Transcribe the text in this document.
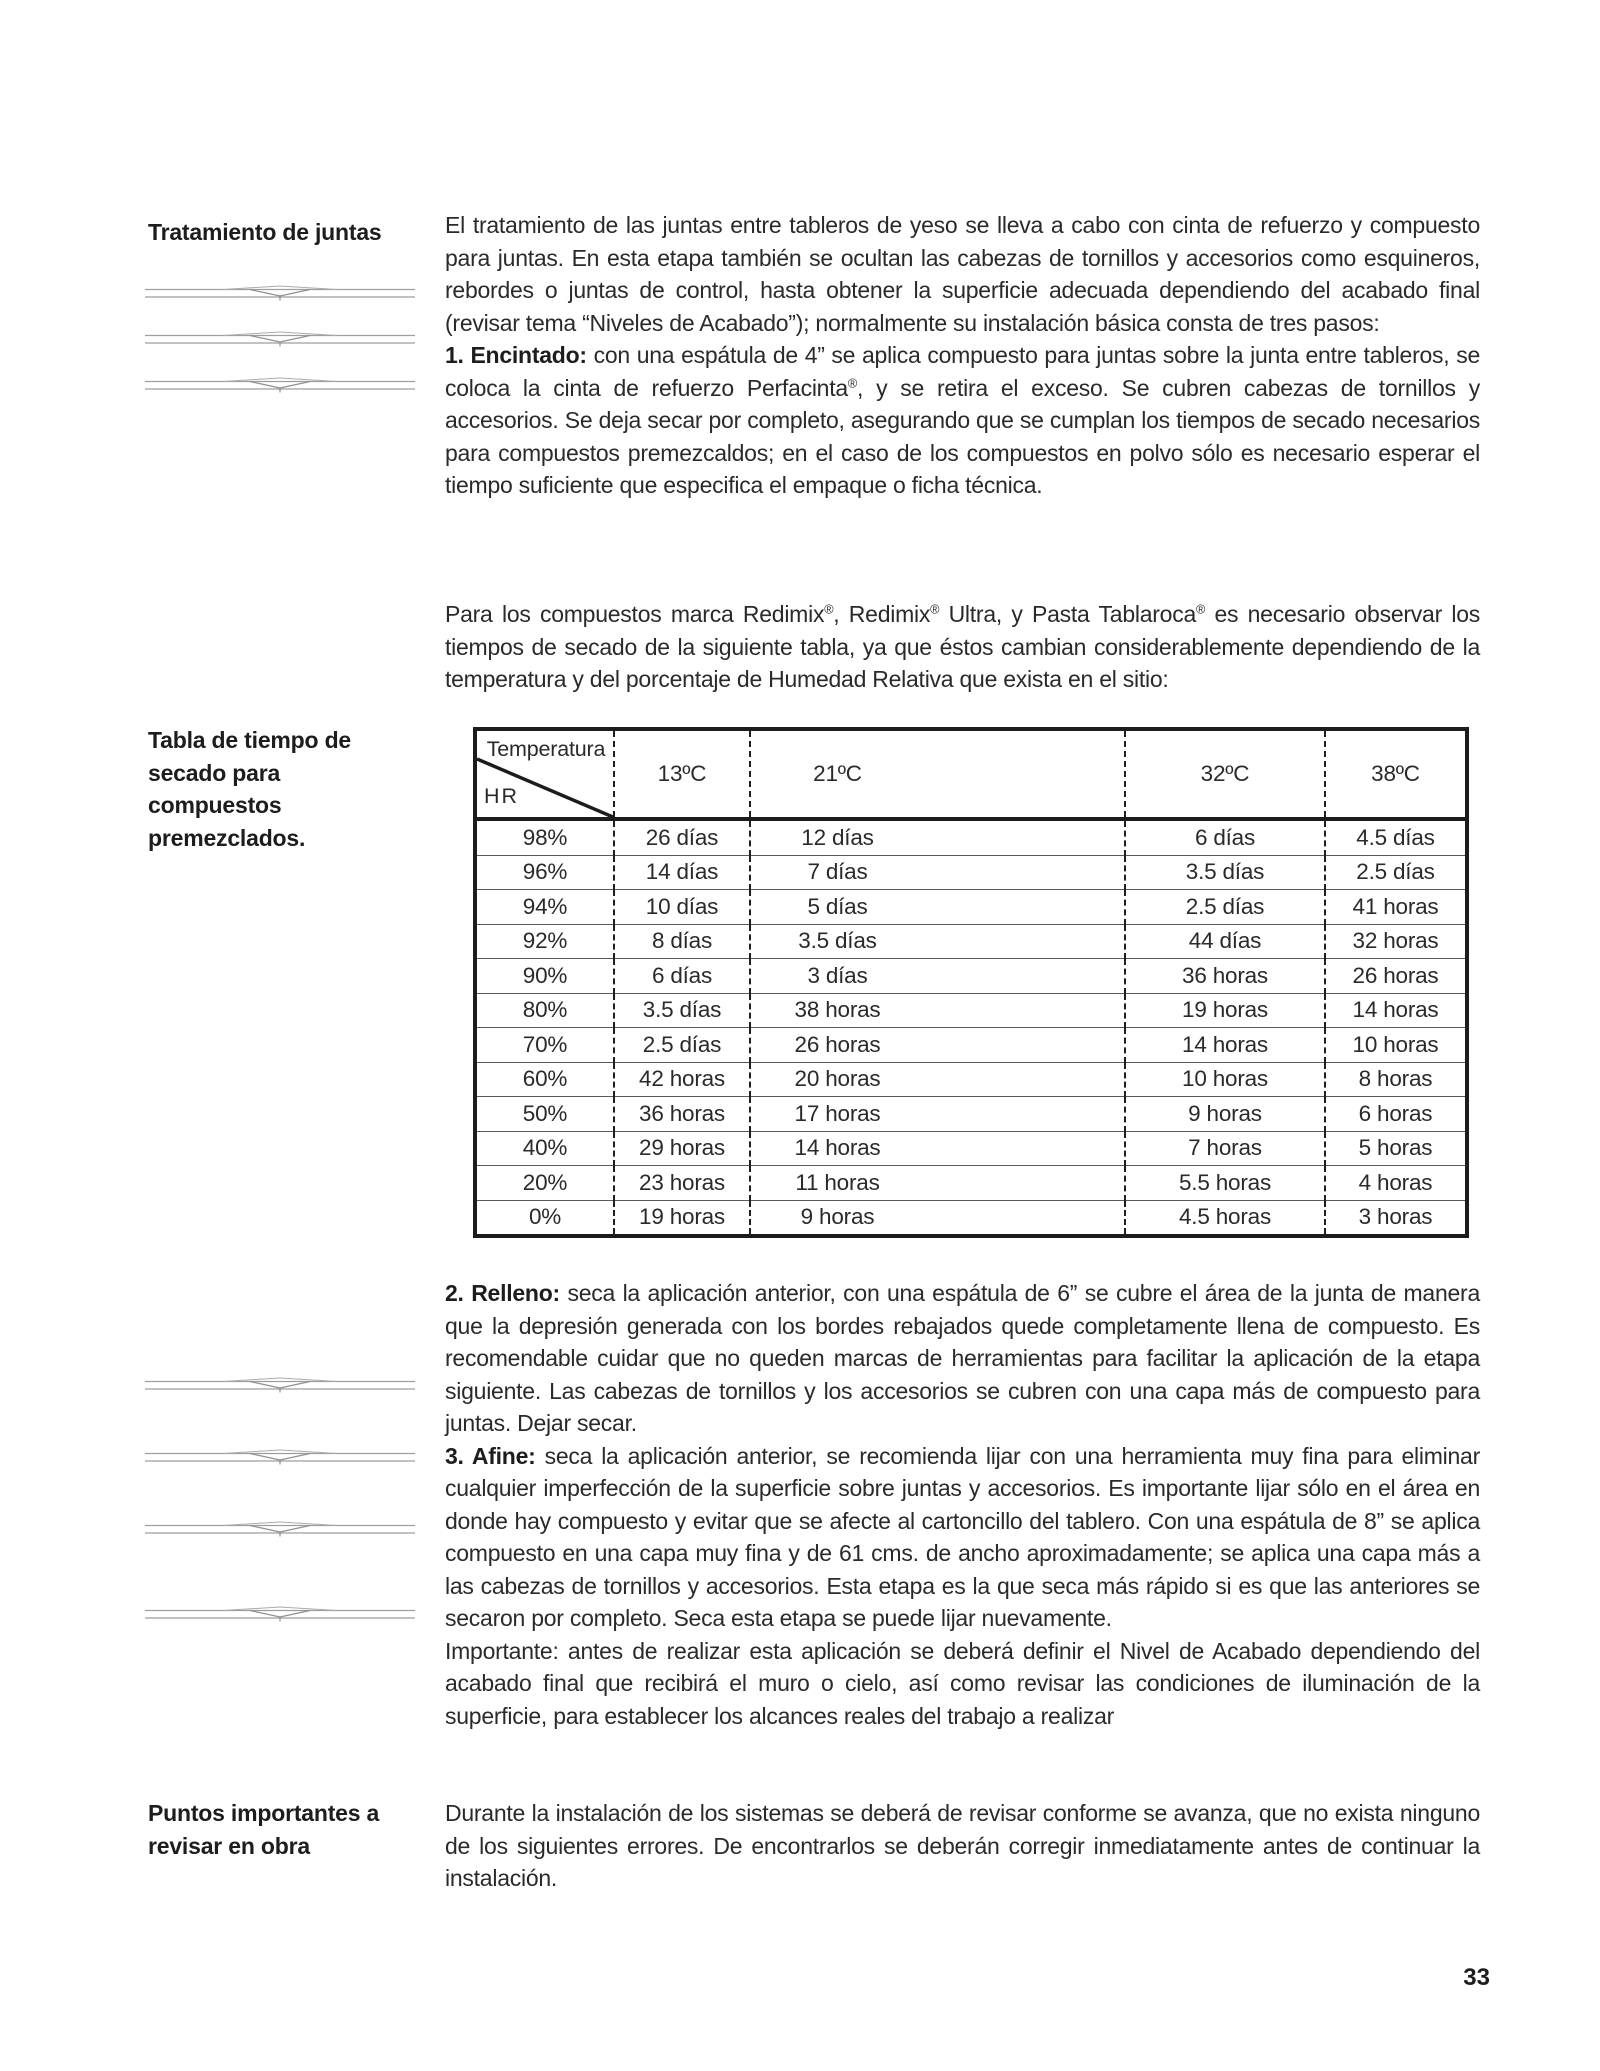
Tratamiento de juntas
Tabla de tiempo de secado para compuestos premezclados.
Puntos importantes a revisar en obra

El tratamiento de las juntas entre tableros de yeso se lleva a cabo con cinta de refuerzo y compuesto para juntas. En esta etapa también se ocultan las cabezas de tornillos y accesorios como esquineros, rebordes o juntas de control, hasta obtener la superficie adecuada dependiendo del acabado final (revisar tema “Niveles de Acabado”); normalmente su instalación básica consta de tres pasos:

1. Encintado: con una espátula de 4” se aplica compuesto para juntas sobre la junta entre tableros, se coloca la cinta de refuerzo Perfacinta®, y se retira el exceso. Se cubren cabezas de tornillos y accesorios. Se deja secar por completo, asegurando que se cumplan los tiempos de secado necesarios para compuestos premezcaldos; en el caso de los compuestos en polvo sólo es necesario esperar el tiempo suficiente que especifica el empaque o ficha técnica.

Para los compuestos marca Redimix®, Redimix® Ultra, y Pasta Tablaroca® es necesario observar los tiempos de secado de la siguiente tabla, ya que éstos cambian considerablemente dependiendo de la temperatura y del porcentaje de Humedad Relativa que exista en el sitio:

Temperatura
HR	13ºC	21ºC	32ºC	38ºC
98%	26 días	12 días	6 días	4.5 días
96%	14 días	7 días	3.5 días	2.5 días
94%	10 días	5 días	2.5 días	41 horas
92%	8 días	3.5 días	44 días	32 horas
90%	6 días	3 días	36 horas	26 horas
80%	3.5 días	38 horas	19 horas	14 horas
70%	2.5 días	26 horas	14 horas	10 horas
60%	42 horas	20 horas	10 horas	8 horas
50%	36 horas	17 horas	9 horas	6 horas
40%	29 horas	14 horas	7 horas	5 horas
20%	23 horas	11 horas	5.5 horas	4 horas
0%	19 horas	9 horas	4.5 horas	3 horas

2. Relleno: seca la aplicación anterior, con una espátula de 6” se cubre el área de la junta de manera que la depresión generada con los bordes rebajados quede completamente llena de compuesto. Es recomendable cuidar que no queden marcas de herramientas para facilitar la aplicación de la etapa siguiente. Las cabezas de tornillos y los accesorios se cubren con una capa más de compuesto para juntas. Dejar secar.

3. Afine: seca la aplicación anterior, se recomienda lijar con una herramienta muy fina para eliminar cualquier imperfección de la superficie sobre juntas y accesorios. Es importante lijar sólo en el área en donde hay compuesto y evitar que se afecte al cartoncillo del tablero. Con una espátula de 8” se aplica compuesto en una capa muy fina y de 61 cms. de ancho aproximadamente; se aplica una capa más a las cabezas de tornillos y accesorios. Esta etapa es la que seca más rápido si es que las anteriores se secaron por completo. Seca esta etapa se puede lijar nuevamente.

Importante: antes de realizar esta aplicación se deberá definir el Nivel de Acabado dependiendo del acabado final que recibirá el muro o cielo, así como revisar las condiciones de iluminación de la superficie, para establecer los alcances reales del trabajo a realizar

Durante la instalación de los sistemas se deberá de revisar conforme se avanza, que no exista ninguno de los siguientes errores. De encontrarlos se deberán corregir inmediatamente antes de continuar la instalación.

33
